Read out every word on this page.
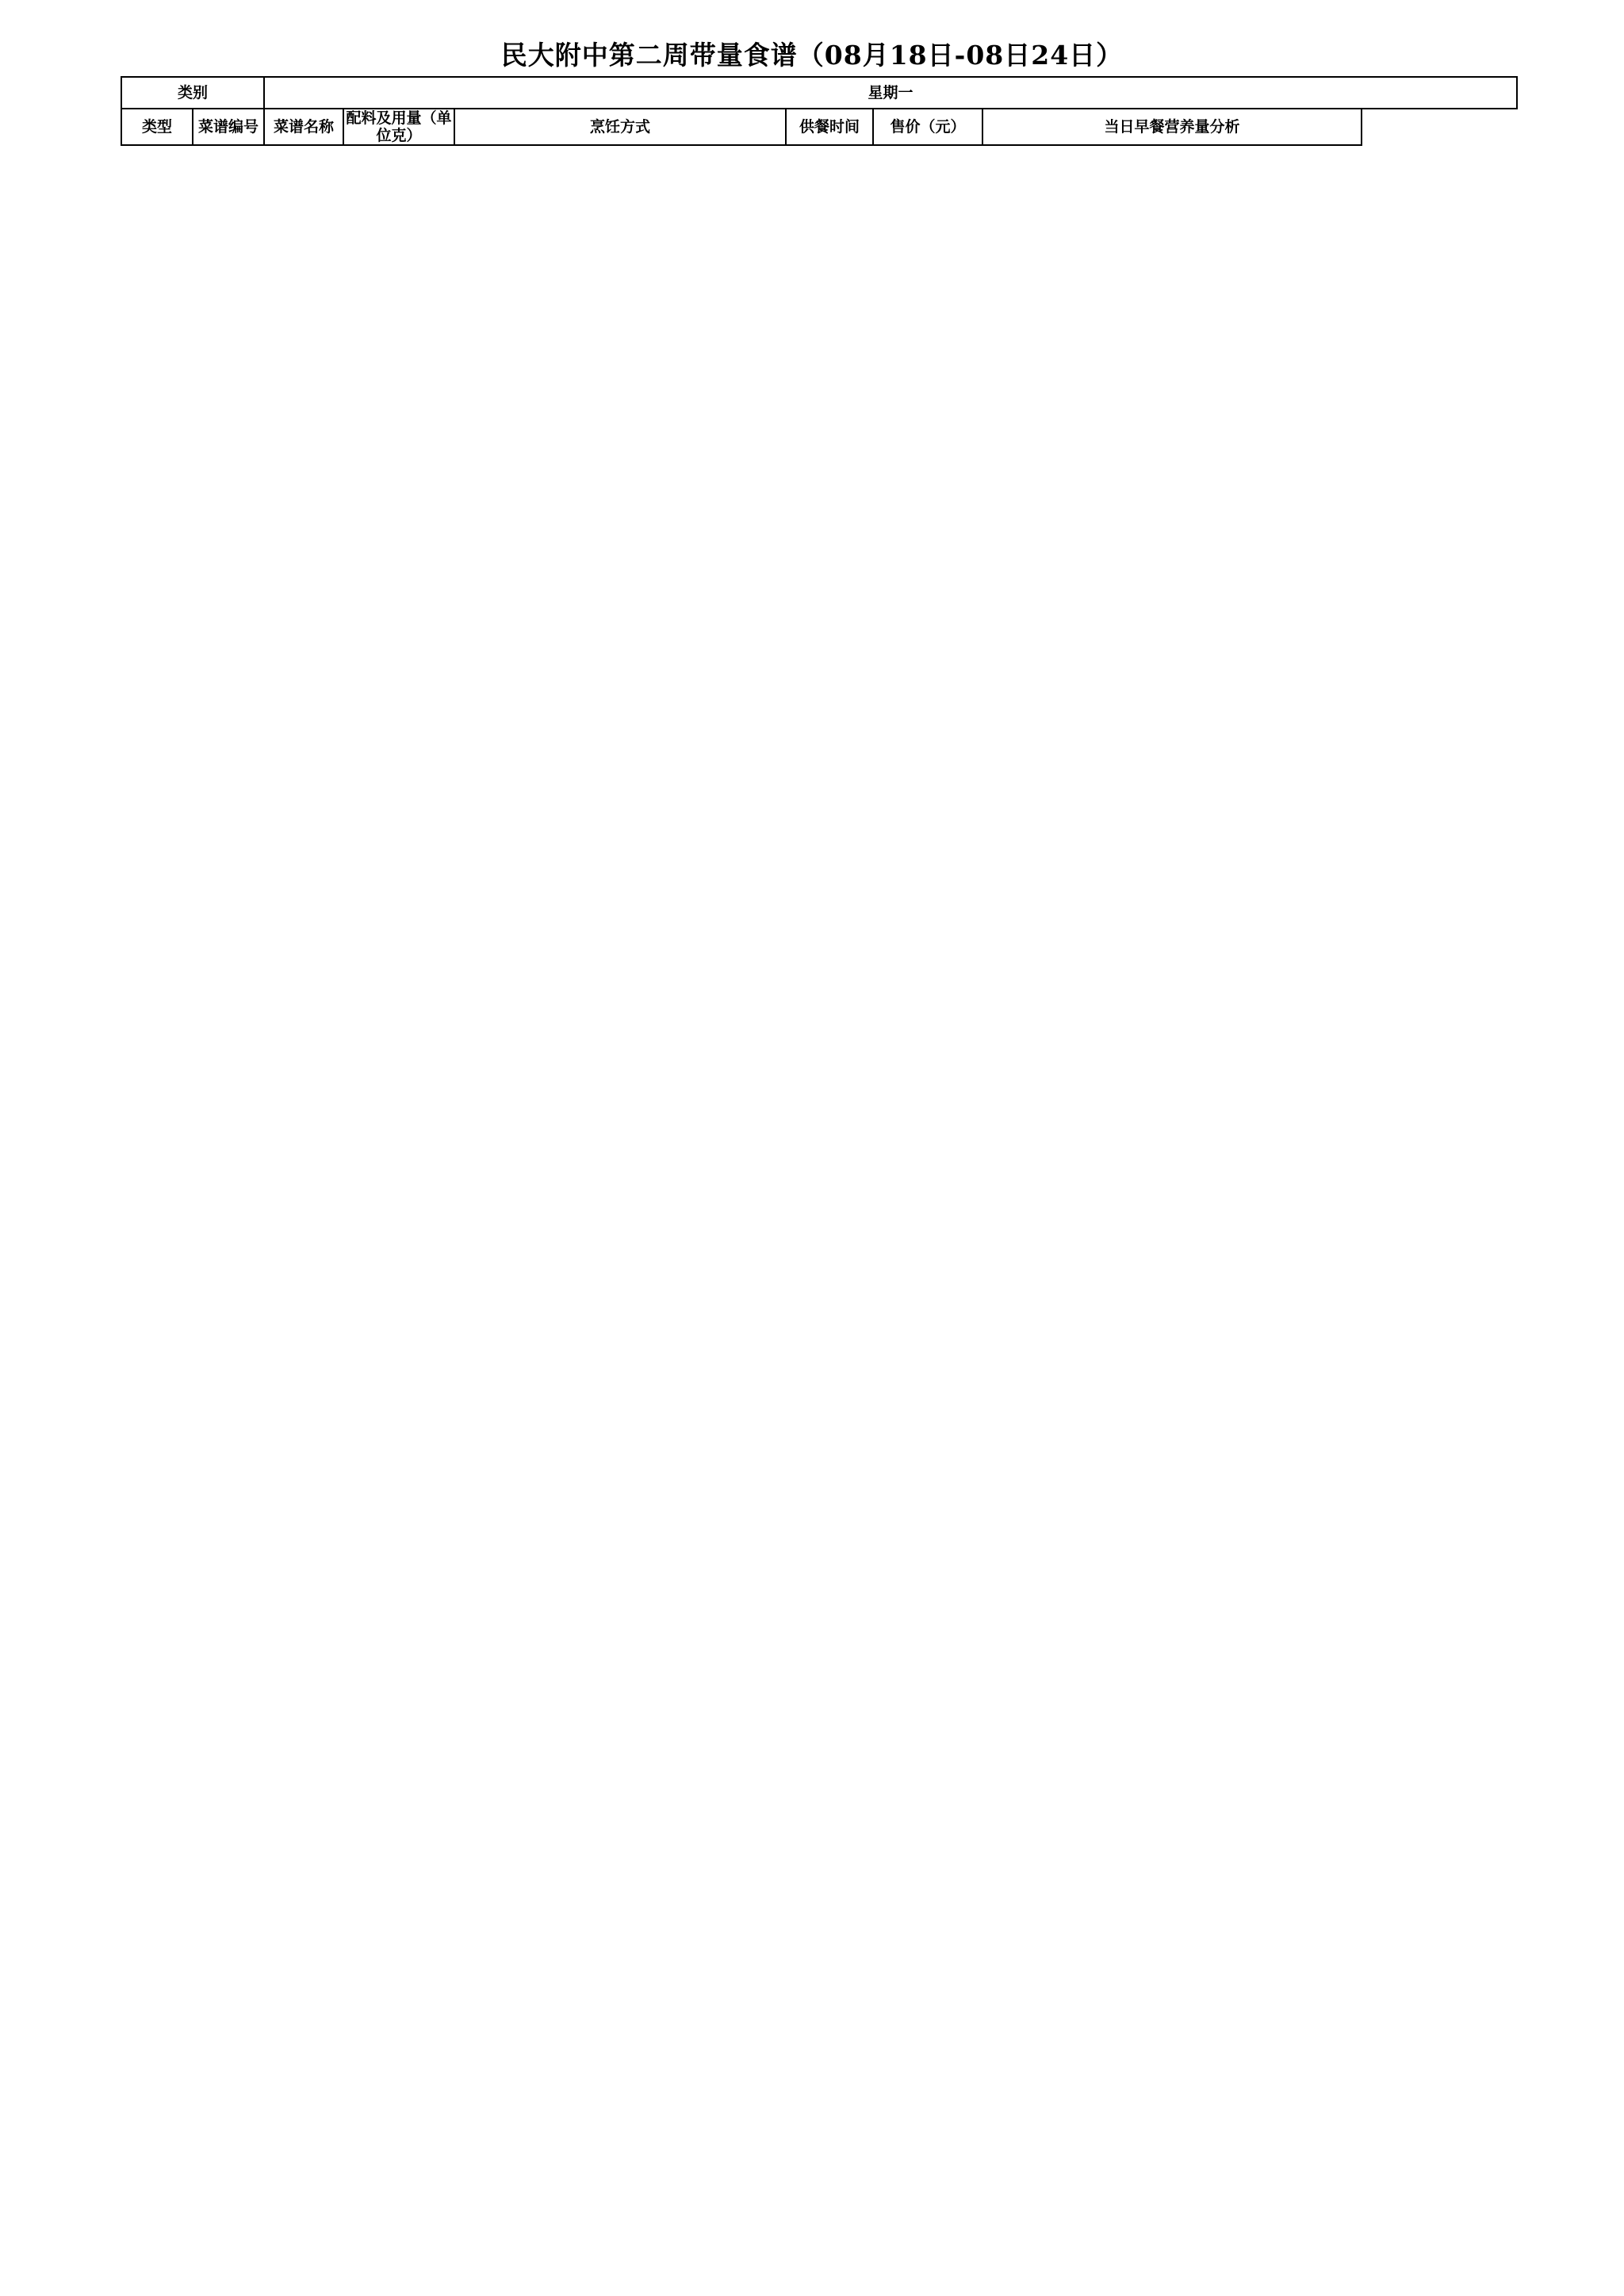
民大附中第二周带量食谱（08月18日-08日24日）
类别		星期一					
类型	菜谱编号	菜谱名称	配料及用量（单位克）	烹饪方式	供餐时间	售价（元）	当日早餐营养量分析
